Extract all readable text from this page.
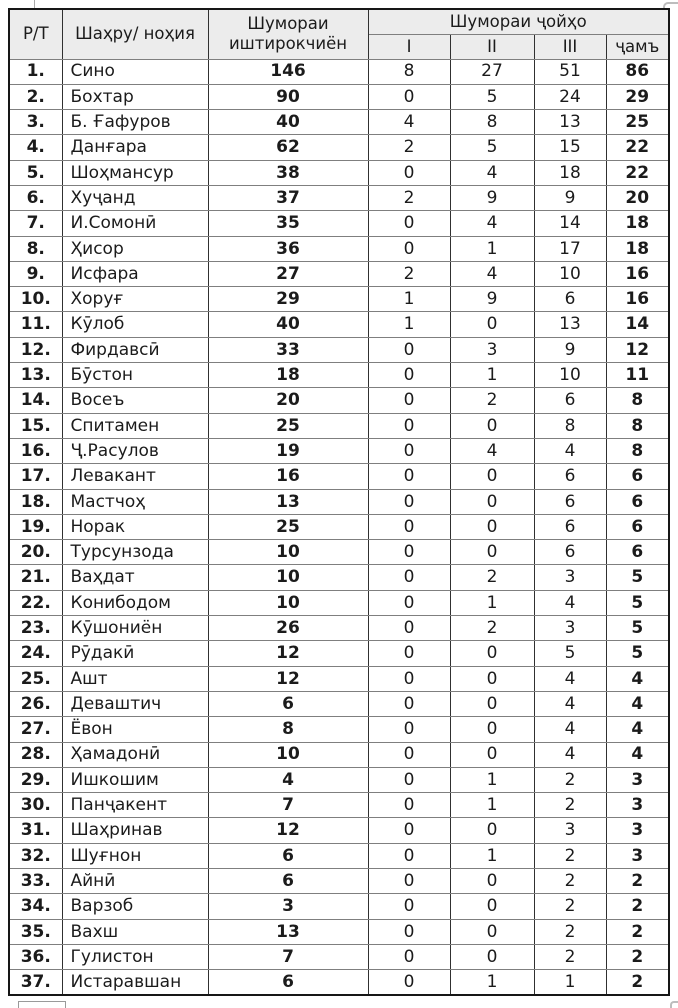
Р/Т	Шаҳру/ ноҳия	Шумораи иштирокчиён	Шумораи ҷойҳо			
			I	II	III	ҷамъ
1.	Сино	146	8	27	51	86
2.	Бохтар	90	0	5	24	29
3.	Б. Ғафуров	40	4	8	13	25
4.	Данғара	62	2	5	15	22
5.	Шоҳмансур	38	0	4	18	22
6.	Хуҷанд	37	2	9	9	20
7.	И.Сомонӣ	35	0	4	14	18
8.	Ҳисор	36	0	1	17	18
9.	Исфара	27	2	4	10	16
10.	Хоруғ	29	1	9	6	16
11.	Кӯлоб	40	1	0	13	14
12.	Фирдавсӣ	33	0	3	9	12
13.	Бӯстон	18	0	1	10	11
14.	Восеъ	20	0	2	6	8
15.	Спитамен	25	0	0	8	8
16.	Ҷ.Расулов	19	0	4	4	8
17.	Левакант	16	0	0	6	6
18.	Мастчоҳ	13	0	0	6	6
19.	Норак	25	0	0	6	6
20.	Турсунзода	10	0	0	6	6
21.	Ваҳдат	10	0	2	3	5
22.	Конибодом	10	0	1	4	5
23.	Кӯшониён	26	0	2	3	5
24.	Рӯдакӣ	12	0	0	5	5
25.	Ашт	12	0	0	4	4
26.	Деваштич	6	0	0	4	4
27.	Ёвон	8	0	0	4	4
28.	Ҳамадонӣ	10	0	0	4	4
29.	Ишкошим	4	0	1	2	3
30.	Панҷакент	7	0	1	2	3
31.	Шаҳринав	12	0	0	3	3
32.	Шуғнон	6	0	1	2	3
33.	Айнӣ	6	0	0	2	2
34.	Варзоб	3	0	0	2	2
35.	Вахш	13	0	0	2	2
36.	Гулистон	7	0	0	2	2
37.	Истаравшан	6	0	1	1	2
